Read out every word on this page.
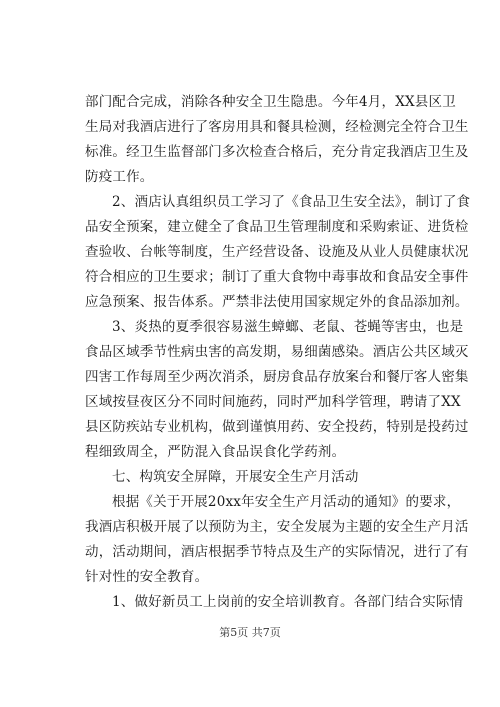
部门配合完成，消除各种安全卫生隐患。今年4月，XX县区卫
生局对我酒店进行了客房用具和餐具检测，经检测完全符合卫生
标准。经卫生监督部门多次检查合格后，充分肯定我酒店卫生及
防疫工作。
2、酒店认真组织员工学习了《食品卫生安全法》，制订了食
品安全预案，建立健全了食品卫生管理制度和采购索证、进货检
查验收、台帐等制度，生产经营设备、设施及从业人员健康状况
符合相应的卫生要求；制订了重大食物中毒事故和食品安全事件
应急预案、报告体系。严禁非法使用国家规定外的食品添加剂。
3、炎热的夏季很容易滋生蟑螂、老鼠、苍蝇等害虫，也是
食品区域季节性病虫害的高发期，易细菌感染。酒店公共区域灭
四害工作每周至少两次消杀，厨房食品存放案台和餐厅客人密集
区域按昼夜区分不同时间施药，同时严加科学管理，聘请了XX
县区防疾站专业机构，做到谨慎用药、安全投药，特别是投药过
程细致周全，严防混入食品误食化学药剂。
七、构筑安全屏障，开展安全生产月活动
根据《关于开展20xx年安全生产月活动的通知》的要求，
我酒店积极开展了以预防为主，安全发展为主题的安全生产月活
动，活动期间，酒店根据季节特点及生产的实际情况，进行了有
针对性的安全教育。
1、做好新员工上岗前的安全培训教育。各部门结合实际情
第5页 共7页
